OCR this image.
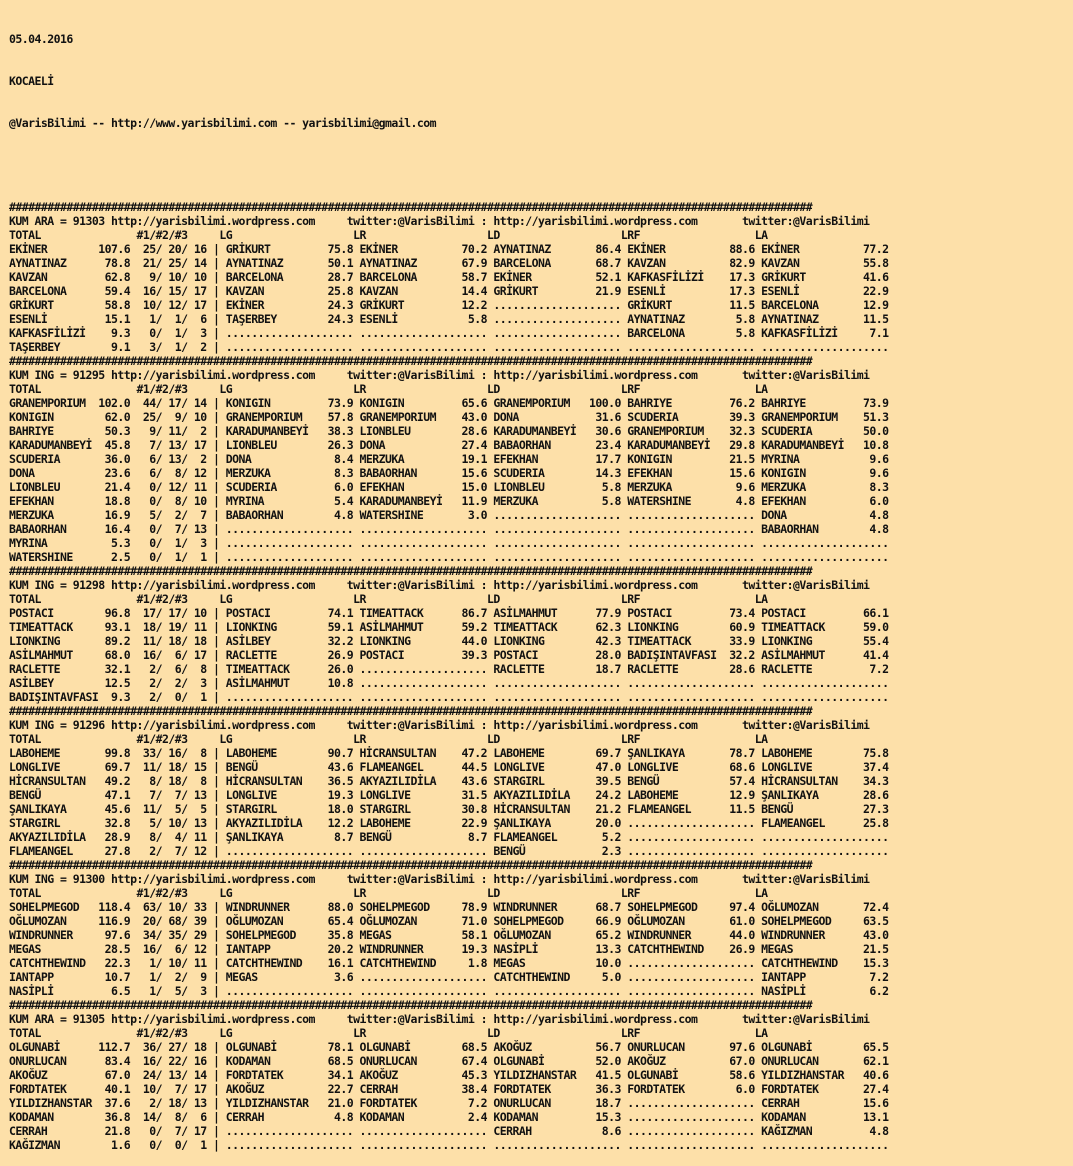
05.04.2016

KOCAELİ

@VarisBilimi -- http://www.yarisbilimi.com -- yarisbilimi@gmail.com

##############################################################################################################################
KUM ARA = 91303 http://yarisbilimi.wordpress.com     twitter:@VarisBilimi : http://yarisbilimi.wordpress.com       twitter:@VarisBilimi
TOTAL               #1/#2/#3     LG                   LR                   LD                   LRF                  LA
EKİNER        107.6  25/ 20/ 16 | GRİKURT         75.8 EKİNER          70.2 AYNATINAZ       86.4 EKİNER          88.6 EKİNER          77.2
AYNATINAZ      78.8  21/ 25/ 14 | AYNATINAZ       50.1 AYNATINAZ       67.9 BARCELONA       68.7 KAVZAN          82.9 KAVZAN          55.8
KAVZAN         62.8   9/ 10/ 10 | BARCELONA       28.7 BARCELONA       58.7 EKİNER          52.1 KAFKASFİLİZİ    17.3 GRİKURT         41.6
BARCELONA      59.4  16/ 15/ 17 | KAVZAN          25.8 KAVZAN          14.4 GRİKURT         21.9 ESENLİ          17.3 ESENLİ          22.9
GRİKURT        58.8  10/ 12/ 17 | EKİNER          24.3 GRİKURT         12.2 .................... GRİKURT         11.5 BARCELONA       12.9
ESENLİ         15.1   1/  1/  6 | TAŞERBEY        24.3 ESENLİ           5.8 .................... AYNATINAZ        5.8 AYNATINAZ       11.5
KAFKASFİLİZİ    9.3   0/  1/  3 | .................... .................... .................... BARCELONA        5.8 KAFKASFİLİZİ     7.1
TAŞERBEY        9.1   3/  1/  2 | .................... .................... .................... .................... ....................
##############################################################################################################################
KUM ING = 91295 http://yarisbilimi.wordpress.com     twitter:@VarisBilimi : http://yarisbilimi.wordpress.com       twitter:@VarisBilimi
TOTAL               #1/#2/#3     LG                   LR                   LD                   LRF                  LA
GRANEMPORIUM  102.0  44/ 17/ 14 | KONIGIN         73.9 KONIGIN         65.6 GRANEMPORIUM   100.0 BAHRIYE         76.2 BAHRIYE         73.9
KONIGIN        62.0  25/  9/ 10 | GRANEMPORIUM    57.8 GRANEMPORIUM    43.0 DONA            31.6 SCUDERIA        39.3 GRANEMPORIUM    51.3
BAHRIYE        50.3   9/ 11/  2 | KARADUMANBEYİ   38.3 LIONBLEU        28.6 KARADUMANBEYİ   30.6 GRANEMPORIUM    32.3 SCUDERIA        50.0
KARADUMANBEYİ  45.8   7/ 13/ 17 | LIONBLEU        26.3 DONA            27.4 BABAORHAN       23.4 KARADUMANBEYİ   29.8 KARADUMANBEYİ   10.8
SCUDERIA       36.0   6/ 13/  2 | DONA             8.4 MERZUKA         19.1 EFEKHAN         17.7 KONIGIN         21.5 MYRINA           9.6
DONA           23.6   6/  8/ 12 | MERZUKA          8.3 BABAORHAN       15.6 SCUDERIA        14.3 EFEKHAN         15.6 KONIGIN          9.6
LIONBLEU       21.4   0/ 12/ 11 | SCUDERIA         6.0 EFEKHAN         15.0 LIONBLEU         5.8 MERZUKA          9.6 MERZUKA          8.3
EFEKHAN        18.8   0/  8/ 10 | MYRINA           5.4 KARADUMANBEYİ   11.9 MERZUKA          5.8 WATERSHINE       4.8 EFEKHAN          6.0
MERZUKA        16.9   5/  2/  7 | BABAORHAN        4.8 WATERSHINE       3.0 .................... .................... DONA             4.8
BABAORHAN      16.4   0/  7/ 13 | .................... .................... .................... .................... BABAORHAN        4.8
MYRINA          5.3   0/  1/  3 | .................... .................... .................... .................... ....................
WATERSHINE      2.5   0/  1/  1 | .................... .................... .................... .................... ....................
##############################################################################################################################
KUM ING = 91298 http://yarisbilimi.wordpress.com     twitter:@VarisBilimi : http://yarisbilimi.wordpress.com       twitter:@VarisBilimi
TOTAL               #1/#2/#3     LG                   LR                   LD                   LRF                  LA
POSTACI        96.8  17/ 17/ 10 | POSTACI         74.1 TIMEATTACK      86.7 ASİLMAHMUT      77.9 POSTACI         73.4 POSTACI         66.1
TIMEATTACK     93.1  18/ 19/ 11 | LIONKING        59.1 ASİLMAHMUT      59.2 TIMEATTACK      62.3 LIONKING        60.9 TIMEATTACK      59.0
LIONKING       89.2  11/ 18/ 18 | ASİLBEY         32.2 LIONKING        44.0 LIONKING        42.3 TIMEATTACK      33.9 LIONKING        55.4
ASİLMAHMUT     68.0  16/  6/ 17 | RACLETTE        26.9 POSTACI         39.3 POSTACI         28.0 BADIŞINTAVFASI  32.2 ASİLMAHMUT      41.4
RACLETTE       32.1   2/  6/  8 | TIMEATTACK      26.0 .................... RACLETTE        18.7 RACLETTE        28.6 RACLETTE         7.2
ASİLBEY        12.5   2/  2/  3 | ASİLMAHMUT      10.8 .................... .................... .................... ....................
BADIŞINTAVFASI  9.3   2/  0/  1 | .................... .................... .................... .................... ....................
##############################################################################################################################
KUM ING = 91296 http://yarisbilimi.wordpress.com     twitter:@VarisBilimi : http://yarisbilimi.wordpress.com       twitter:@VarisBilimi
TOTAL               #1/#2/#3     LG                   LR                   LD                   LRF                  LA
LABOHEME       99.8  33/ 16/  8 | LABOHEME        90.7 HİCRANSULTAN    47.2 LABOHEME        69.7 ŞANLIKAYA       78.7 LABOHEME        75.8
LONGLIVE       69.7  11/ 18/ 15 | BENGÜ           43.6 FLAMEANGEL      44.5 LONGLIVE        47.0 LONGLIVE        68.6 LONGLIVE        37.4
HİCRANSULTAN   49.2   8/ 18/  8 | HİCRANSULTAN    36.5 AKYAZILIDİLA    43.6 STARGIRL        39.5 BENGÜ           57.4 HİCRANSULTAN    34.3
BENGÜ          47.1   7/  7/ 13 | LONGLIVE        19.3 LONGLIVE        31.5 AKYAZILIDİLA    24.2 LABOHEME        12.9 ŞANLIKAYA       28.6
ŞANLIKAYA      45.6  11/  5/  5 | STARGIRL        18.0 STARGIRL        30.8 HİCRANSULTAN    21.2 FLAMEANGEL      11.5 BENGÜ           27.3
STARGIRL       32.8   5/ 10/ 13 | AKYAZILIDİLA    12.2 LABOHEME        22.9 ŞANLIKAYA       20.0 .................... FLAMEANGEL      25.8
AKYAZILIDİLA   28.9   8/  4/ 11 | ŞANLIKAYA        8.7 BENGÜ            8.7 FLAMEANGEL       5.2 .................... ....................
FLAMEANGEL     27.8   2/  7/ 12 | .................... .................... BENGÜ            2.3 .................... ....................
##############################################################################################################################
KUM ING = 91300 http://yarisbilimi.wordpress.com     twitter:@VarisBilimi : http://yarisbilimi.wordpress.com       twitter:@VarisBilimi
TOTAL               #1/#2/#3     LG                   LR                   LD                   LRF                  LA
SOHELPMEGOD   118.4  63/ 10/ 33 | WINDRUNNER      88.0 SOHELPMEGOD     78.9 WINDRUNNER      68.7 SOHELPMEGOD     97.4 OĞLUMOZAN       72.4
OĞLUMOZAN     116.9  20/ 68/ 39 | OĞLUMOZAN       65.4 OĞLUMOZAN       71.0 SOHELPMEGOD     66.9 OĞLUMOZAN       61.0 SOHELPMEGOD     63.5
WINDRUNNER     97.6  34/ 35/ 29 | SOHELPMEGOD     35.8 MEGAS           58.1 OĞLUMOZAN       65.2 WINDRUNNER      44.0 WINDRUNNER      43.0
MEGAS          28.5  16/  6/ 12 | IANTAPP         20.2 WINDRUNNER      19.3 NASİPLİ         13.3 CATCHTHEWIND    26.9 MEGAS           21.5
CATCHTHEWIND   22.3   1/ 10/ 11 | CATCHTHEWIND    16.1 CATCHTHEWIND     1.8 MEGAS           10.0 .................... CATCHTHEWIND    15.3
IANTAPP        10.7   1/  2/  9 | MEGAS            3.6 .................... CATCHTHEWIND     5.0 .................... IANTAPP          7.2
NASİPLİ         6.5   1/  5/  3 | .................... .................... .................... .................... NASİPLİ          6.2
##############################################################################################################################
KUM ARA = 91305 http://yarisbilimi.wordpress.com     twitter:@VarisBilimi : http://yarisbilimi.wordpress.com       twitter:@VarisBilimi
TOTAL               #1/#2/#3     LG                   LR                   LD                   LRF                  LA
OLGUNABİ      112.7  36/ 27/ 18 | OLGUNABİ        78.1 OLGUNABİ        68.5 AKOĞUZ          56.7 ONURLUCAN       97.6 OLGUNABİ        65.5
ONURLUCAN      83.4  16/ 22/ 16 | KODAMAN         68.5 ONURLUCAN       67.4 OLGUNABİ        52.0 AKOĞUZ          67.0 ONURLUCAN       62.1
AKOĞUZ         67.0  24/ 13/ 14 | FORDTATEK       34.1 AKOĞUZ          45.3 YILDIZHANSTAR   41.5 OLGUNABİ        58.6 YILDIZHANSTAR   40.6
FORDTATEK      40.1  10/  7/ 17 | AKOĞUZ          22.7 CERRAH          38.4 FORDTATEK       36.3 FORDTATEK        6.0 FORDTATEK       27.4
YILDIZHANSTAR  37.6   2/ 18/ 13 | YILDIZHANSTAR   21.0 FORDTATEK        7.2 ONURLUCAN       18.7 .................... CERRAH          15.6
KODAMAN        36.8  14/  8/  6 | CERRAH           4.8 KODAMAN          2.4 KODAMAN         15.3 .................... KODAMAN         13.1
CERRAH         21.8   0/  7/ 17 | .................... .................... CERRAH           8.6 .................... KAĞIZMAN         4.8
KAĞIZMAN        1.6   0/  0/  1 | .................... .................... .................... .................... ....................
